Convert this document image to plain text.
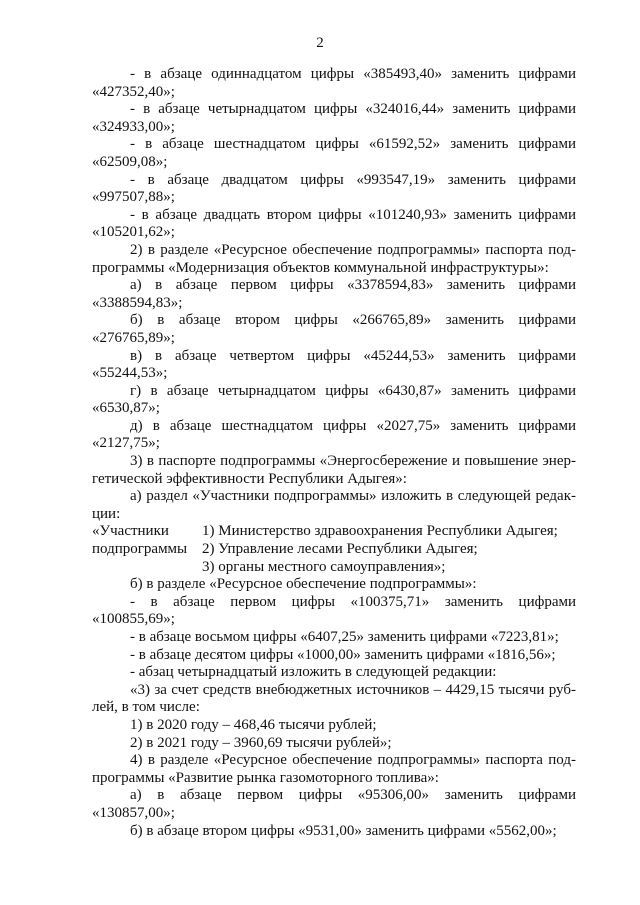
2
- в абзаце одиннадцатом цифры «385493,40» заменить цифрами
«427352,40»;
- в абзаце четырнадцатом цифры «324016,44» заменить цифрами
«324933,00»;
- в абзаце шестнадцатом цифры «61592,52» заменить цифрами
«62509,08»;
- в абзаце двадцатом цифры «993547,19» заменить цифрами
«997507,88»;
- в абзаце двадцать втором цифры «101240,93» заменить цифрами
«105201,62»;
2) в разделе «Ресурсное обеспечение подпрограммы» паспорта под-
программы «Модернизация объектов коммунальной инфраструктуры»:
а) в абзаце первом цифры «3378594,83» заменить цифрами
«3388594,83»;
б) в абзаце втором цифры «266765,89» заменить цифрами
«276765,89»;
в) в абзаце четвертом цифры «45244,53» заменить цифрами
«55244,53»;
г) в абзаце четырнадцатом цифры «6430,87» заменить цифрами
«6530,87»;
д) в абзаце шестнадцатом цифры «2027,75» заменить цифрами
«2127,75»;
3) в паспорте подпрограммы «Энергосбережение и повышение энер-
гетической эффективности Республики Адыгея»:
а) раздел «Участники подпрограммы» изложить в следующей редак-
ции:
«Участники	1) Министерство здравоохранения Республики Адыгея;
подпрограммы 2) Управление лесами Республики Адыгея;
3) органы местного самоуправления»;
б) в разделе «Ресурсное обеспечение подпрограммы»:
- в абзаце первом цифры «100375,71» заменить цифрами
«100855,69»;
- в абзаце восьмом цифры «6407,25» заменить цифрами «7223,81»;
- в абзаце десятом цифры «1000,00» заменить цифрами «1816,56»;
- абзац четырнадцатый изложить в следующей редакции:
«3) за счет средств внебюджетных источников – 4429,15 тысячи руб-
лей, в том числе:
1) в 2020 году – 468,46 тысячи рублей;
2) в 2021 году – 3960,69 тысячи рублей»;
4) в разделе «Ресурсное обеспечение подпрограммы» паспорта под-
программы «Развитие рынка газомоторного топлива»:
а) в абзаце первом цифры «95306,00» заменить цифрами
«130857,00»;
б) в абзаце втором цифры «9531,00» заменить цифрами «5562,00»;
